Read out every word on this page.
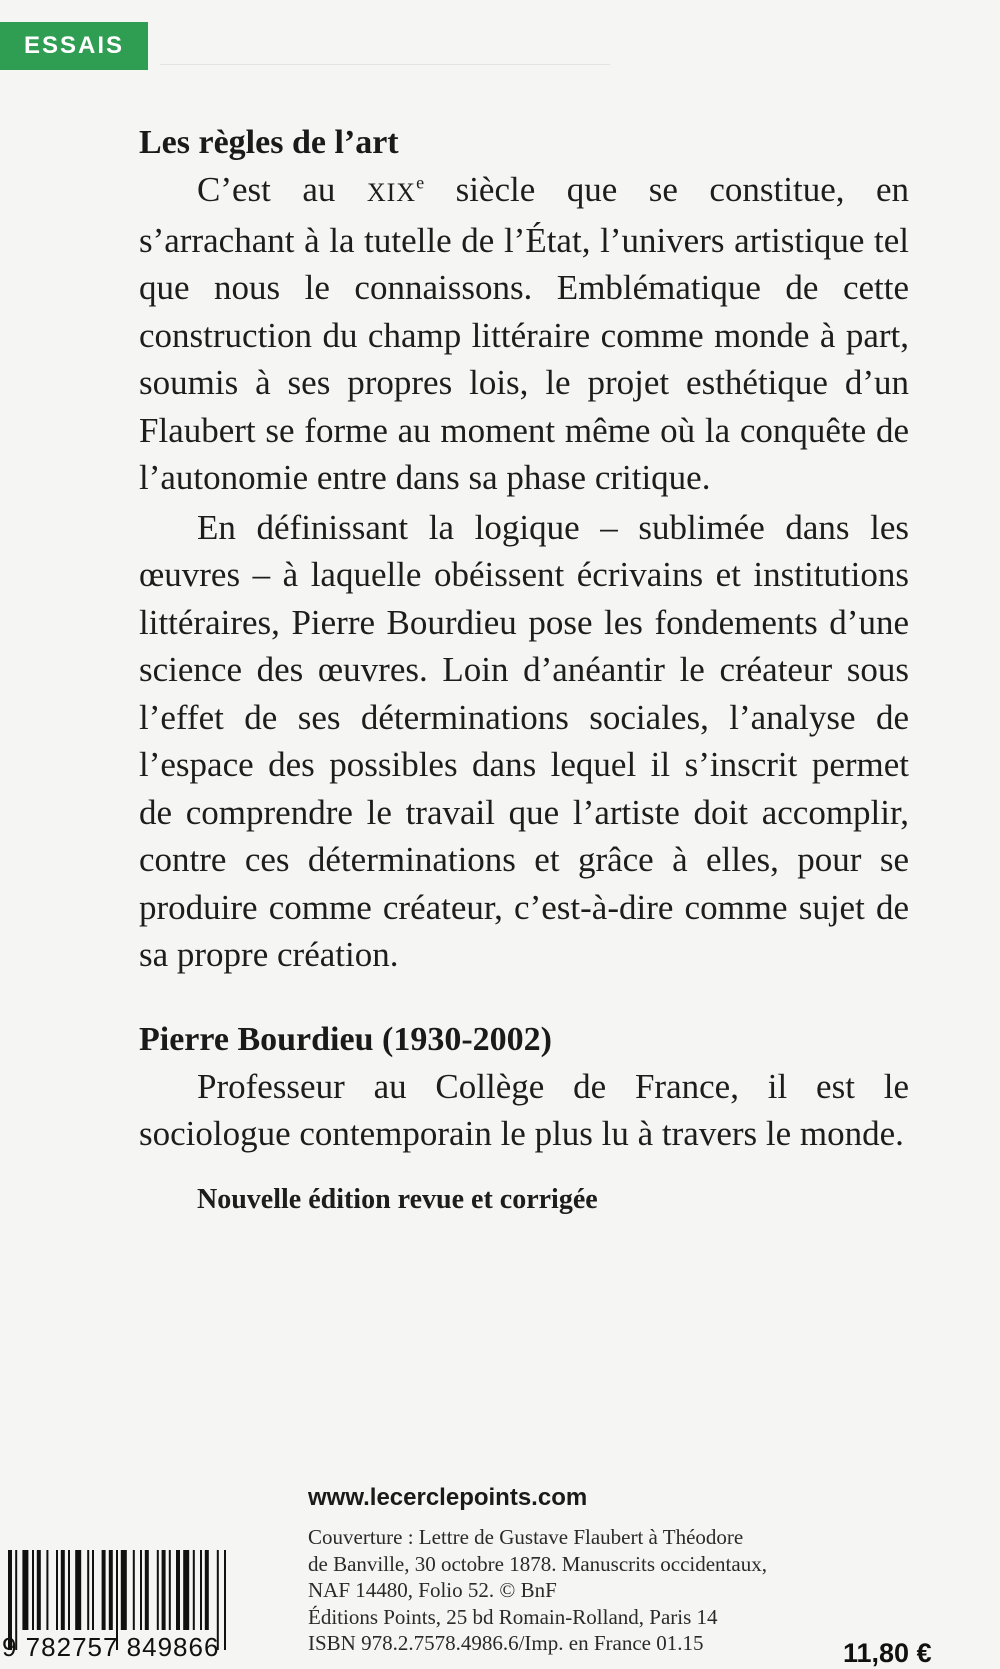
ESSAIS
Les règles de l’art

C’est au XIXe siècle que se constitue, en s’arrachant à la tutelle de l’État, l’univers artistique tel que nous le connaissons. Emblématique de cette construction du champ littéraire comme monde à part, soumis à ses propres lois, le projet esthétique d’un Flaubert se forme au moment même où la conquête de l’autonomie entre dans sa phase critique.

En définissant la logique – sublimée dans les œuvres – à laquelle obéissent écrivains et institutions littéraires, Pierre Bourdieu pose les fondements d’une science des œuvres. Loin d’anéantir le créateur sous l’effet de ses déterminations sociales, l’analyse de l’espace des possibles dans lequel il s’inscrit permet de comprendre le travail que l’artiste doit accomplir, contre ces déterminations et grâce à elles, pour se produire comme créateur, c’est-à-dire comme sujet de sa propre création.

Pierre Bourdieu (1930-2002)

Professeur au Collège de France, il est le sociologue contemporain le plus lu à travers le monde.

Nouvelle édition revue et corrigée

www.lecerclepoints.com
Couverture : Lettre de Gustave Flaubert à Théodore
de Banville, 30 octobre 1878. Manuscrits occidentaux,
NAF 14480, Folio 52. © BnF
Éditions Points, 25 bd Romain-Rolland, Paris 14
ISBN 978.2.7578.4986.6/Imp. en France 01.15
9 782757 849866	11,80 €
